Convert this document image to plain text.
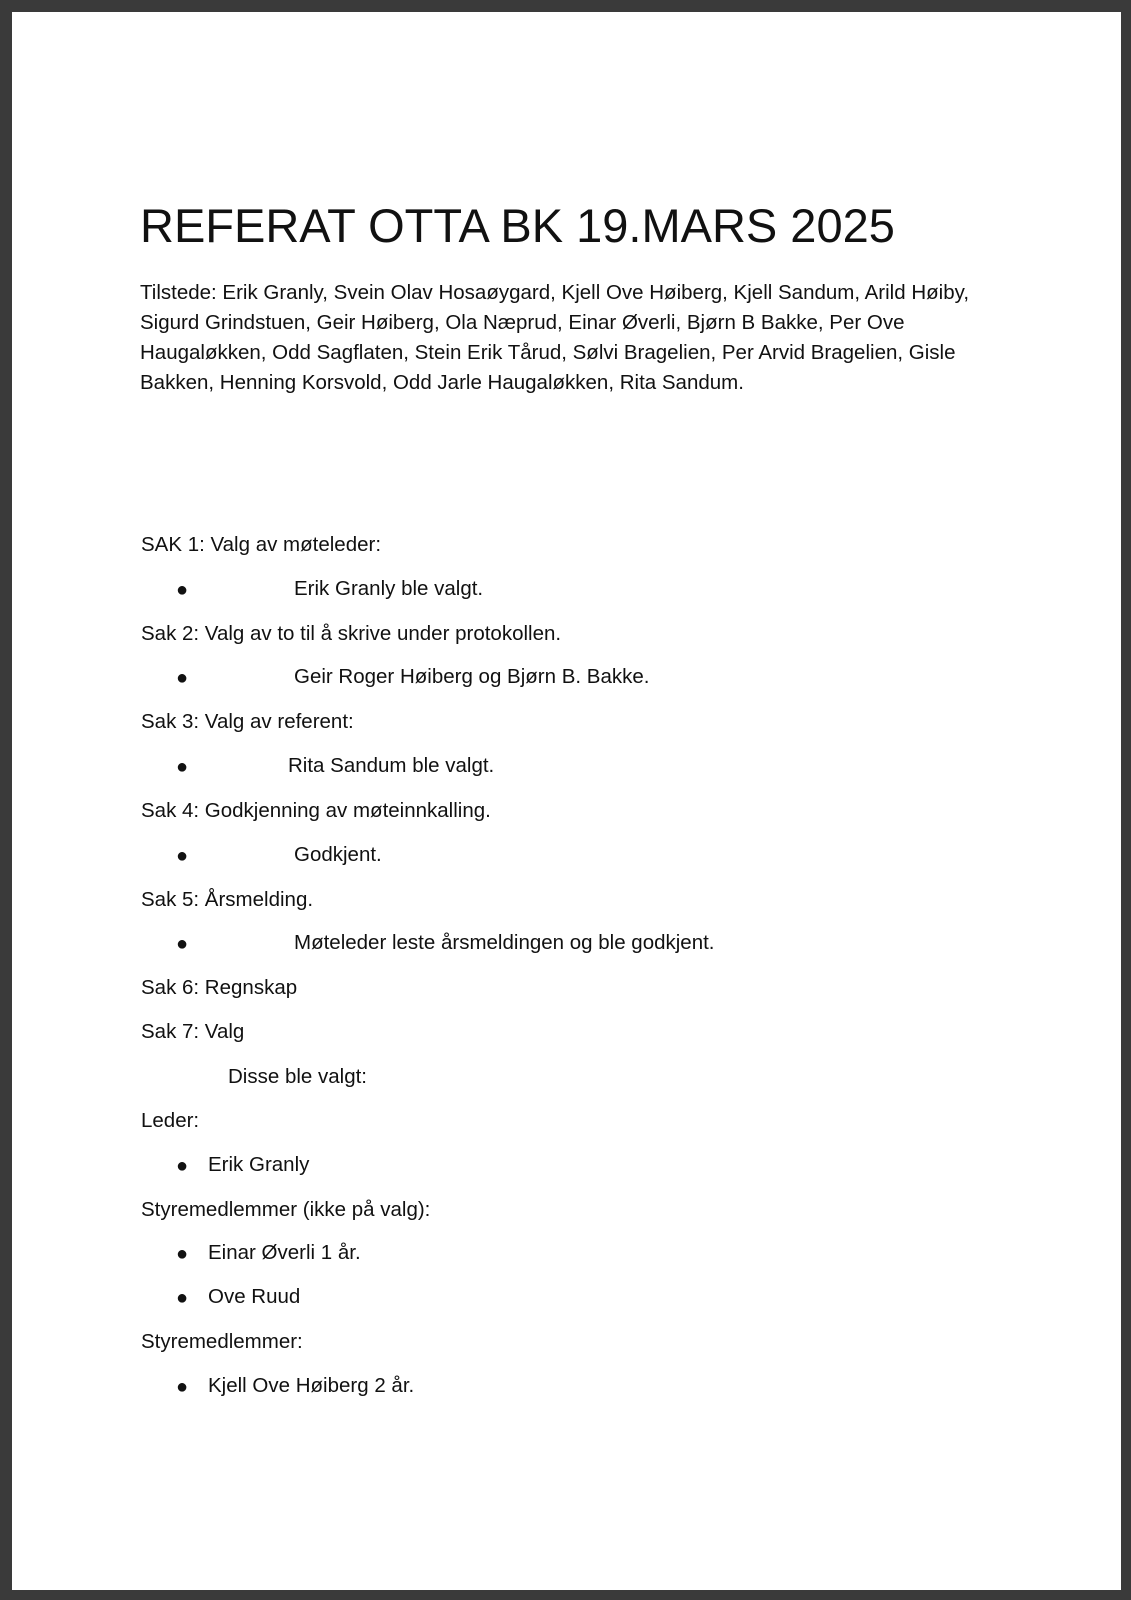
REFERAT OTTA BK 19.MARS 2025

Tilstede: Erik Granly, Svein Olav Hosaøygard, Kjell Ove Høiberg, Kjell Sandum, Arild Høiby, Sigurd Grindstuen, Geir Høiberg, Ola Næprud, Einar Øverli, Bjørn B Bakke, Per Ove Haugaløkken, Odd Sagflaten, Stein Erik Tårud, Sølvi Bragelien, Per Arvid Bragelien, Gisle Bakken, Henning Korsvold, Odd Jarle Haugaløkken, Rita Sandum.

SAK 1: Valg av møteleder:
●	Erik Granly ble valgt.
Sak 2: Valg av to til å skrive under protokollen.
●	Geir Roger Høiberg og Bjørn B. Bakke.
Sak 3: Valg av referent:
●	Rita Sandum ble valgt.
Sak 4: Godkjenning av møteinnkalling.
●	Godkjent.
Sak 5: Årsmelding.
●	Møteleder leste årsmeldingen og ble godkjent.
Sak 6: Regnskap
Sak 7: Valg
Disse ble valgt:
Leder:
● Erik Granly
Styremedlemmer (ikke på valg):
● Einar Øverli 1 år.
● Ove Ruud
Styremedlemmer:
● Kjell Ove Høiberg 2 år.
